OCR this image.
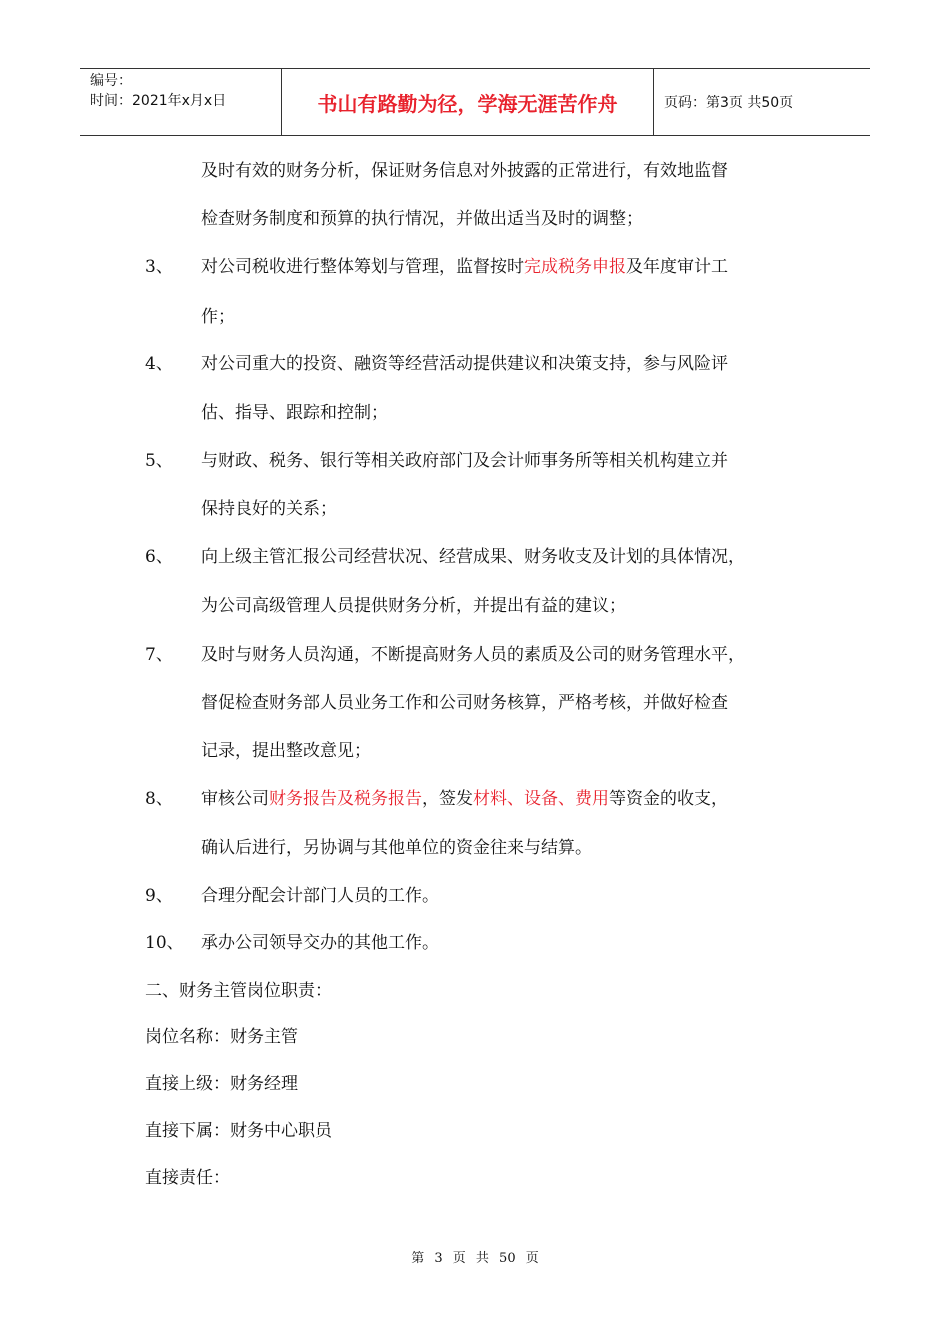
编号：
时间：2021年x月x日	书山有路勤为径，学海无涯苦作舟	页码：第3页 共50页
及时有效的财务分析，保证财务信息对外披露的正常进行，有效地监督
检查财务制度和预算的执行情况，并做出适当及时的调整；
3、 对公司税收进行整体筹划与管理，监督按时完成税务申报及年度审计工
作；
4、 对公司重大的投资、融资等经营活动提供建议和决策支持，参与风险评
估、指导、跟踪和控制；
5、 与财政、税务、银行等相关政府部门及会计师事务所等相关机构建立并
保持良好的关系；
6、 向上级主管汇报公司经营状况、经营成果、财务收支及计划的具体情况，
为公司高级管理人员提供财务分析，并提出有益的建议；
7、 及时与财务人员沟通，不断提高财务人员的素质及公司的财务管理水平，
督促检查财务部人员业务工作和公司财务核算，严格考核，并做好检查
记录，提出整改意见；
8、 审核公司财务报告及税务报告，签发材料、设备、费用等资金的收支，
确认后进行，另协调与其他单位的资金往来与结算。
9、 合理分配会计部门人员的工作。
10、 承办公司领导交办的其他工作。
二、财务主管岗位职责：
岗位名称：财务主管
直接上级：财务经理
直接下属：财务中心职员
直接责任：
第 3 页 共 50 页
